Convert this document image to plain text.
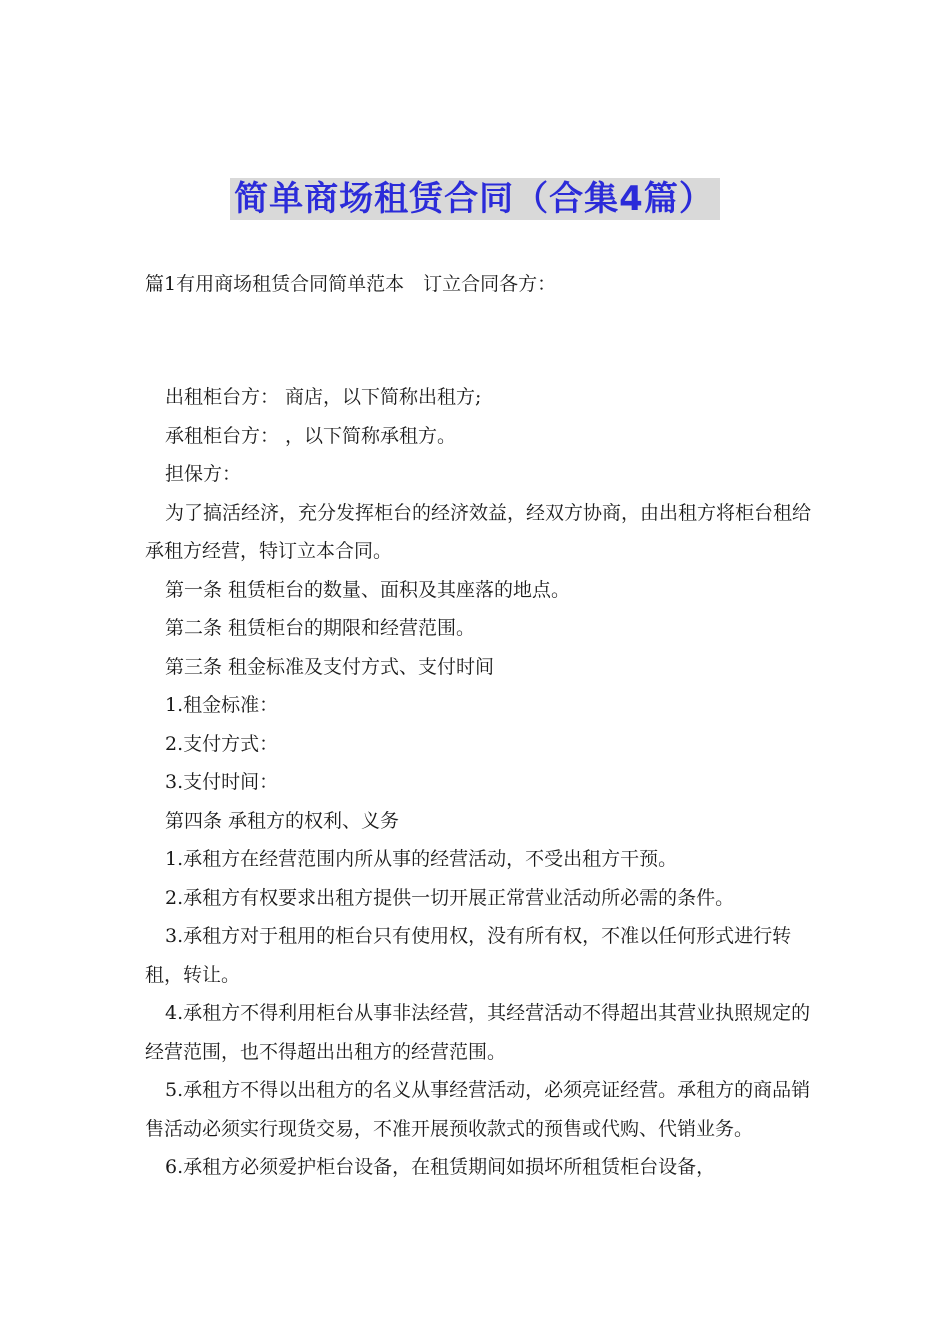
简单商场租赁合同（合集4篇）
篇1有用商场租赁合同简单范本　订立合同各方：

出租柜台方： 商店，以下简称出租方;

承租柜台方： ，以下简称承租方。

担保方：

为了搞活经济，充分发挥柜台的经济效益，经双方协商，由出租方将柜台租给承租方经营，特订立本合同。

第一条 租赁柜台的数量、面积及其座落的地点。

第二条 租赁柜台的期限和经营范围。

第三条 租金标准及支付方式、支付时间

1.租金标准：

2.支付方式：

3.支付时间：

第四条 承租方的权利、义务

1.承租方在经营范围内所从事的经营活动，不受出租方干预。

2.承租方有权要求出租方提供一切开展正常营业活动所必需的条件。

3.承租方对于租用的柜台只有使用权，没有所有权，不准以任何形式进行转租，转让。

4.承租方不得利用柜台从事非法经营，其经营活动不得超出其营业执照规定的经营范围，也不得超出出租方的经营范围。

5.承租方不得以出租方的名义从事经营活动，必须亮证经营。承租方的商品销售活动必须实行现货交易，不准开展预收款式的预售或代购、代销业务。

6.承租方必须爱护柜台设备，在租赁期间如损坏所租赁柜台设备，
